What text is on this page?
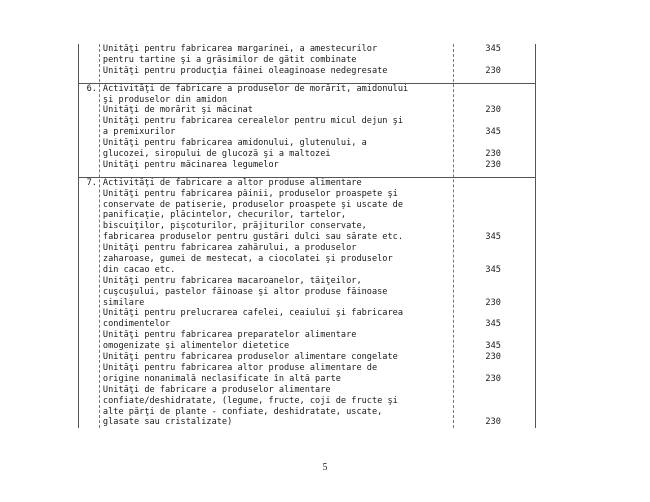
Unităţi pentru fabricarea margarinei, a amestecurilor	345
pentru tartine şi a grăsimilor de gătit combinate
Unităţi pentru producţia făinei oleaginoase nedegresate	230
6. Activităţi de fabricare a produselor de morărit, amidonului
şi produselor din amidon
Unităţi de morărit şi măcinat	230
Unităţi pentru fabricarea cerealelor pentru micul dejun şi
a premixurilor	345
Unităţi pentru fabricarea amidonului, glutenului, a
glucozei, siropului de glucoză şi a maltozei	230
Unităţi pentru măcinarea legumelor	230
7. Activităţi de fabricare a altor produse alimentare
Unităţi pentru fabricarea pâinii, produselor proaspete şi
conservate de patiserie, produselor proaspete şi uscate de
panificaţie, plăcintelor, checurilor, tartelor,
biscuiţilor, pişcoturilor, prăjiturilor conservate,
fabricarea produselor pentru gustări dulci sau sărate etc.	345
Unităţi pentru fabricarea zahărului, a produselor
zaharoase, gumei de mestecat, a ciocolatei şi produselor
din cacao etc.	345
Unităţi pentru fabricarea macaroanelor, tăiţeilor,
cuşcuşului, pastelor făinoase şi altor produse făinoase
similare	230
Unităţi pentru prelucrarea cafelei, ceaiului şi fabricarea
condimentelor	345
Unităţi pentru fabricarea preparatelor alimentare
omogenizate şi alimentelor dietetice	345
Unităţi pentru fabricarea produselor alimentare congelate	230
Unităţi pentru fabricarea altor produse alimentare de
origine nonanimală neclasificate în altă parte	230
Unităţi de fabricare a produselor alimentare
confiate/deshidratate, (legume, fructe, coji de fructe şi
alte părţi de plante - confiate, deshidratate, uscate,
glasate sau cristalizate)	230
5
